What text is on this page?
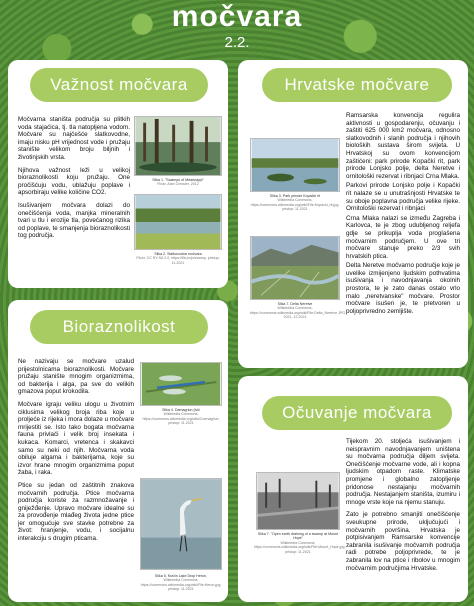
močvara
2.2.
Važnost močvara

Močvarna staništa područja su plitkih voda stajaćica, tj. tla natopljena vodom. Močvare su najčešće slatkovodne, imaju nisku pH vrijednost vode i pružaju stanište velikom broju biljnih i životinjskih vrsta.

Njihova važnost leži u velikoj bioraznolikosti koju pružaju. One pročišćuju vodu, ublažuju poplave i apsorbiraju velike količine CO2.

Isušivanjem močvara dolazi do onečišćenja voda, manjka mineralnih tvari u tlu i erozije tla, povećanog rizika od poplave, te smanjenja bioraznolikosti tog područja.

Slika 1. "Swamps of Mississippi"
Flickr, Alan Cressler, 2012
Slika 2. Slatkovodna močvara
Flickr, CC BY-SA 2.0, https://flic.kr/p/swamp, pristup: 11.2021
Hrvatske močvare

Ramsarska konvencija regulira aktivnosti u gospodarenju, očuvanju i zaštiti 625 000 km2 močvara, odnosno slatkovodnih i slanih područja i njihovih bioloških sustava širom svijeta. U Hrvatskoj su ovom konvencijom zaštićeni: park prirode Kopački rit, park prirode Lonjsko polje, delta Neretve i ornitološki rezervat i ribnjaci Crna Mlaka.

Parkovi prirode Lonjsko polje i Kopački rit nalaze se u unutrašnjosti Hrvatske te su oboje poplavna područja velike rijeke. Ornitološki rezervat i ribnjaci

Crna Mlaka nalazi se između Zagreba i Karlovca, te je zbog udubljenog reljefa gdje se prikuplja voda proglašena močvarnim područjem. U ove tri močvare stanuje preko 2/3 svih hrvatskih ptica.

Delta Neretve močvarno područje koje je uvelike izmijenjeno ljudskim pothvatima isušivanja i navodnjavanja okolnih prostora, te je zato danas ostalo vrlo malo „neretvanske" močvare. Prostor močvare isušen je, te pretvoren u poljoprivredno zemljište.

Slika 3. Park prirode Kopački rit
Wikimedia Commons, https://commons.wikimedia.org/wiki/File:Kopacki_rit.jpg, pristup: 11.2021
Slika 7. Delta Neretve
Wikimedia Commons, https://commons.wikimedia.org/wiki/File:Delta_Neretve.JPG, 2021, 12.2021
Bioraznolikost

Ne nazivaju se močvare uzalud prijestolnicama bioraznolikosti. Močvare pružaju stanište mnogim organizmima, od bakterija i alga, pa sve do velikih gmazova poput krokodila.

Močvare igraju veliku ulogu u životnim ciklusima velikog broja riba koje u proljeće iz rijeka i mora dolaze u močvare mrijestiti se. Isto tako bogata močvarna fauna privlači i velik broj insekata i kukaca. Komarci, vretenca i skakavci samo su neki od njih. Močvarna voda obiluje algama i bakterijama, koje su izvor hrane mnogim organizmima poput žaba, i raka.

Ptice su jedan od zaštitnih znakova močvarnih područja. Ptice močvarna područja koriste za razmnožavanje i gniježđenje. Upravo močvare idealne su za provođenje mlađeg života jedne ptice jer omogućuje sve stavke potrebne za život: hranjenje, vodu, i socijalnu interakciju s drugim pticama.

Slika 4. Damagrion (ivič
Wikimedia Commons, https://commons.wikimedia.org/wiki/Coenagrion, pristup: 11.2021
Slika 5. Ksrčin Lake Drop Heron,
Wikimedia Commons, https://commons.wikimedia.org/wiki/File:Heron.jpg, pristup: 11.2021
Očuvanje močvara

Tijekom 20. stoljeća isušivanjem i neispravnim navodnjavanjem uništena su močvarna područja diljem svijeta. Onečišćenje močvarne vode, ali i kopna ljudskim otpadom raste. Klimatske promjene i globalno zatopljenje pridonose nestajanju močvarnih područja. Nestajanjem staništa, izumiru i mnoge vrste koje na njemu stanuju.

Zato je potrebno smanjiti onečišćenje sveukupne prirode, uključujući i močvarnih površina. Hrvatska je potpisivanjem Ramsarske konvencije zabranila isušivanje močvarnih područja radi potrebe poljoprivrede, te je zabranila lov na ptice i ribolov u mnogim močvarnim područjima Hrvatske.

Slika 7. "Open earth draining of a swamp at Mount Hope"
Wikimedia Commons, https://commons.wikimedia.org/wiki/File:Mount_Hope.jpg, pristup: 11.2021
